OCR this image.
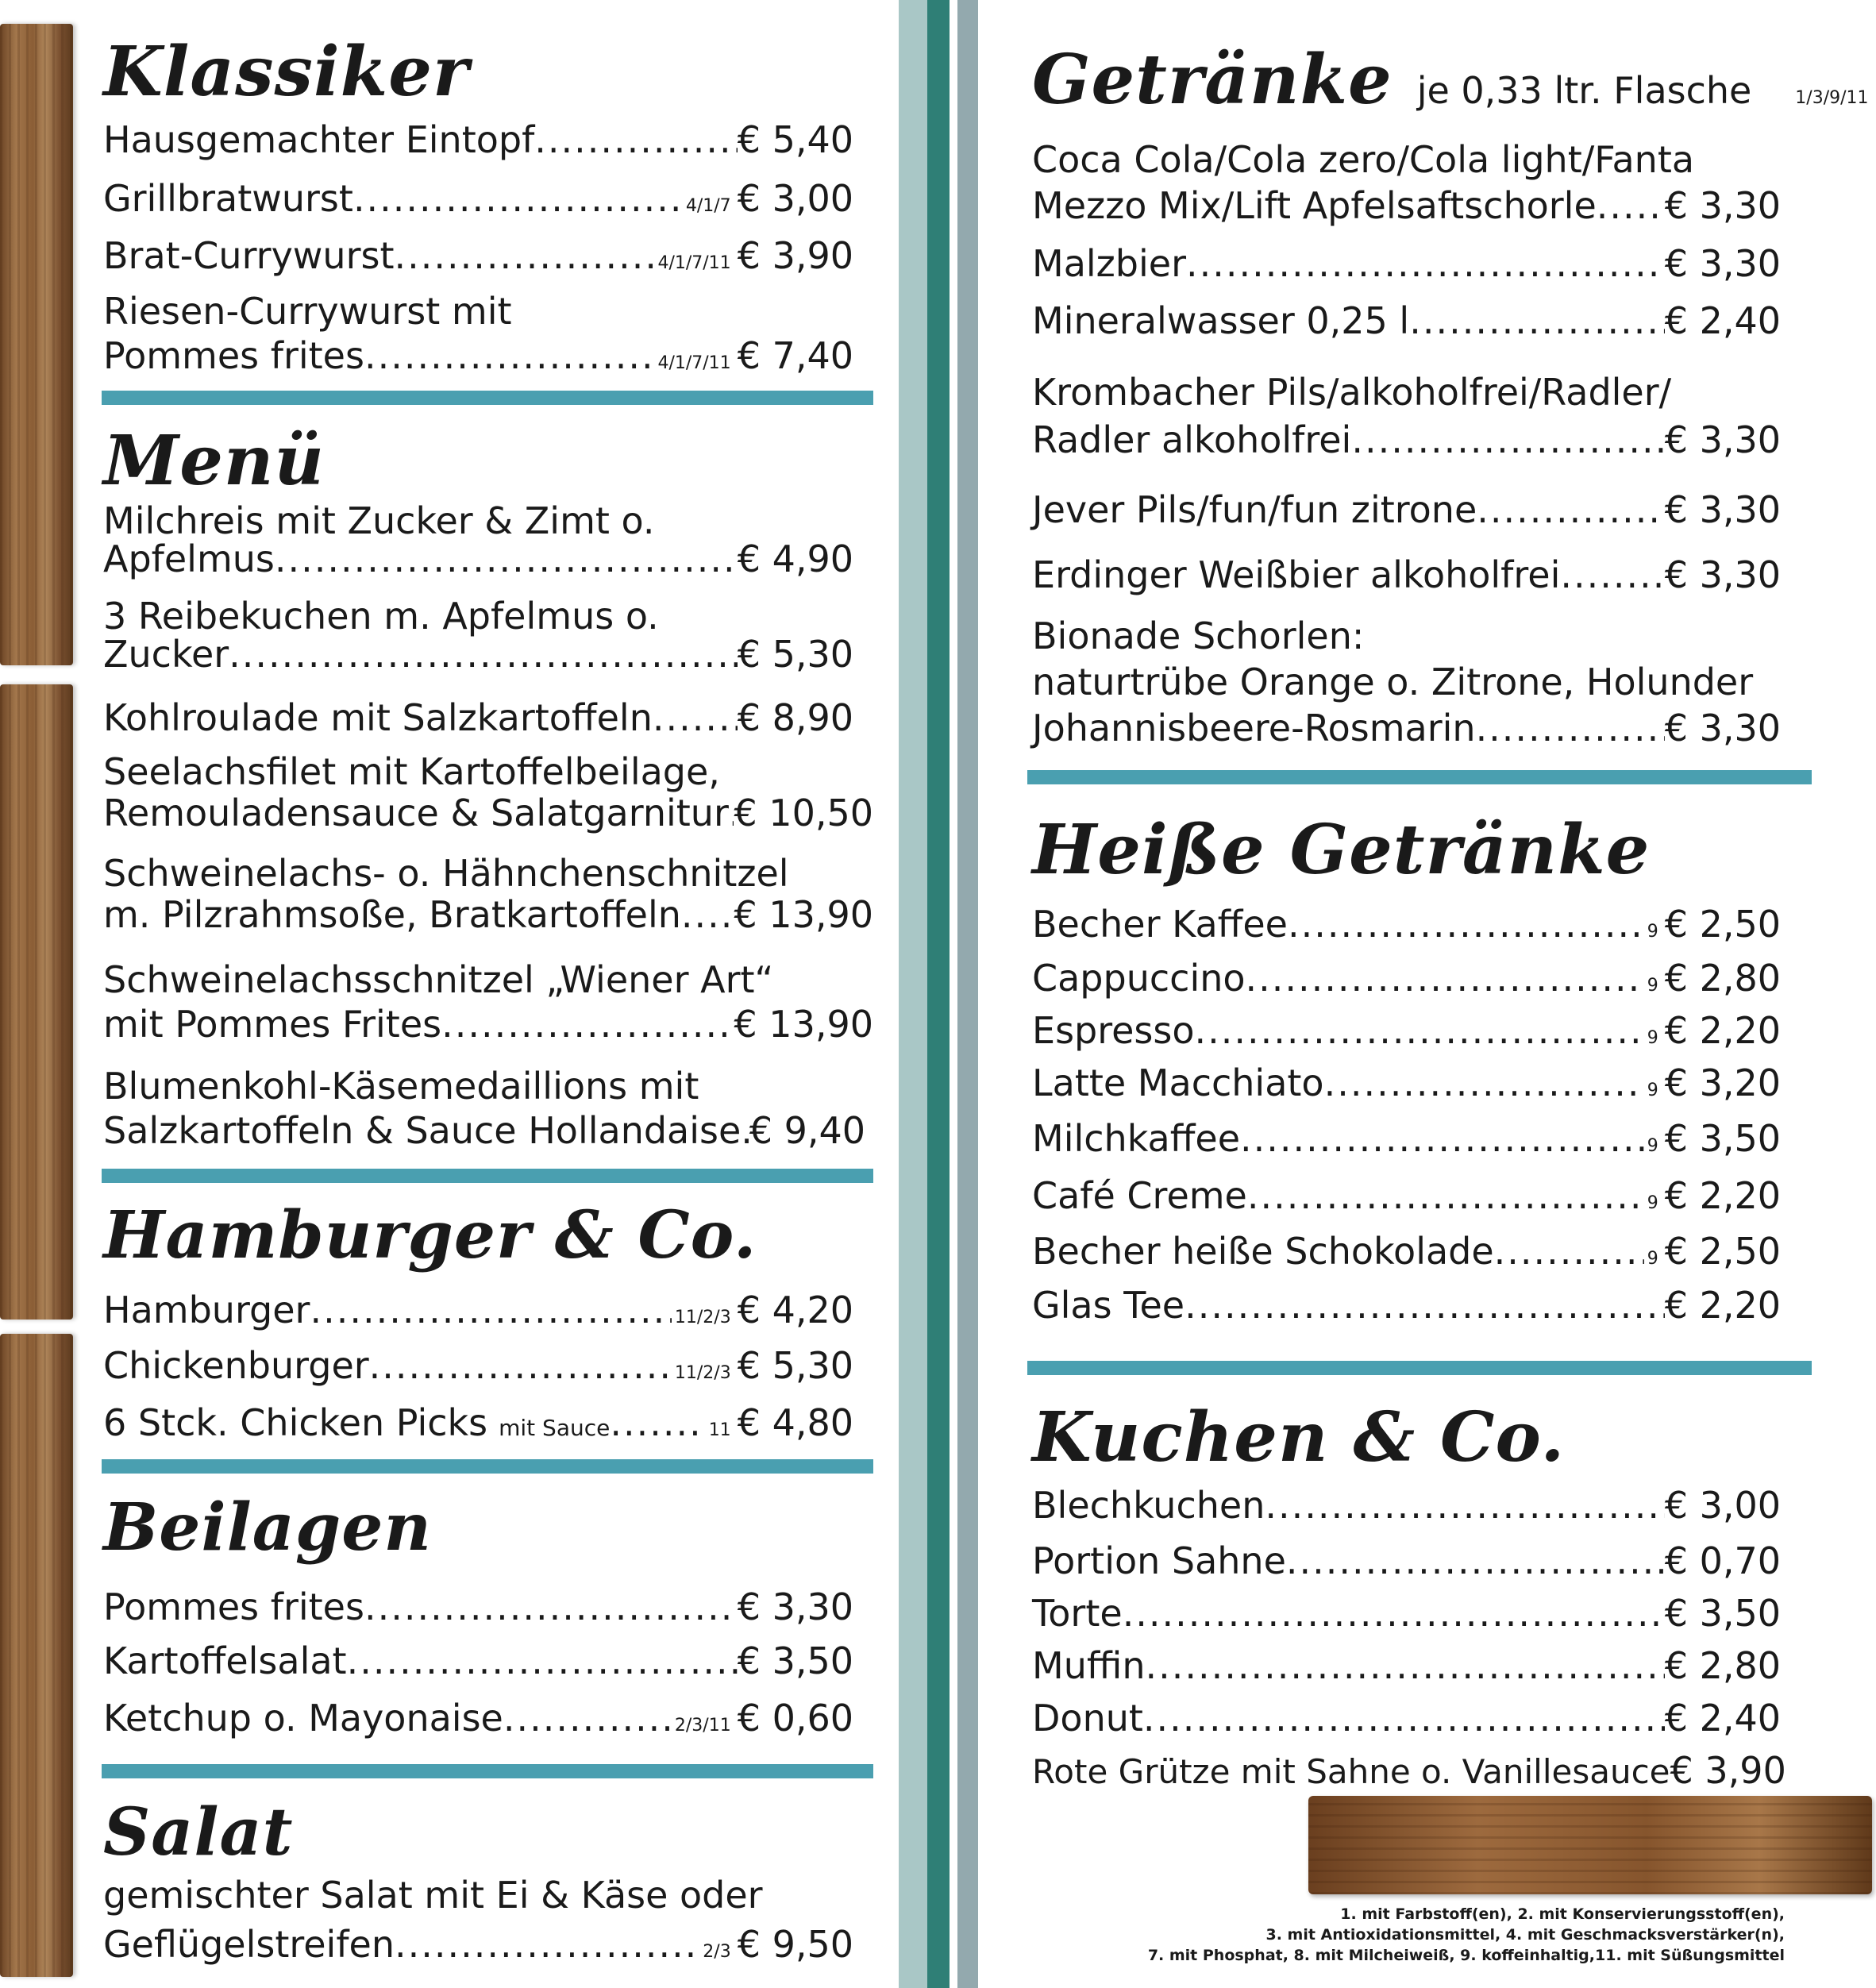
Klassiker
Hausgemachter Eintopf .....	€ 5,40
Grillbratwurst .....	4/1/7 € 3,00
Brat-Currywurst .....	4/1/7/11 € 3,90
Riesen-Currywurst mit
Pommes frites .....	4/1/7/11 € 7,40
Menü
Milchreis mit Zucker & Zimt o.
Apfelmus .....	€ 4,90
3 Reibekuchen m. Apfelmus o.
Zucker .....	€ 5,30
Kohlroulade mit Salzkartoffeln ..... € 8,90
Seelachsfilet mit Kartoffelbeilage,
Remouladensauce & Salatgarnitur ..... € 10,50
Schweinelachs- o. Hähnchenschnitzel
m. Pilzrahmsoße, Bratkartoffeln ..... € 13,90
Schweinelachsschnitzel „Wiener Art“
mit Pommes Frites .....	€ 13,90
Blumenkohl-Käsemedaillions mit
Salzkartoffeln & Sauce Hollandaise ..... € 9,40
Hamburger & Co.
Hamburger .....	11/2/3 € 4,20
Chickenburger .....	11/2/3 € 5,30
6 Stck. Chicken Picks mit Sauce .....	11 € 4,80
Beilagen
Pommes frites .....	€ 3,30
Kartoffelsalat .....	€ 3,50
Ketchup o. Mayonaise .....	2/3/11 € 0,60
Salat
gemischter Salat mit Ei & Käse oder
Geflügelstreifen .....	2/3 € 9,50
Getränke je 0,33 ltr. Flasche 1/3/9/11
Coca Cola/Cola zero/Cola light/Fanta
Mezzo Mix/Lift Apfelsaftschorle ..... € 3,30
Malzbier .....	€ 3,30
Mineralwasser 0,25 l .....	€ 2,40
Krombacher Pils/alkoholfrei/Radler/
Radler alkoholfrei .....	€ 3,30
Jever Pils/fun/fun zitrone .....	€ 3,30
Erdinger Weißbier alkoholfrei .....	€ 3,30
Bionade Schorlen:
naturtrübe Orange o. Zitrone, Holunder
Johannisbeere-Rosmarin .....	€ 3,30
Heiße Getränke
Becher Kaffee .....	9 € 2,50
Cappuccino .....	9 € 2,80
Espresso .....	9 € 2,20
Latte Macchiato .....	9 € 3,20
Milchkaffee .....	9 € 3,50
Café Creme .....	9 € 2,20
Becher heiße Schokolade .....	9 € 2,50
Glas Tee .....	€ 2,20
Kuchen & Co.
Blechkuchen .....	€ 3,00
Portion Sahne .....	€ 0,70
Torte .....	€ 3,50
Muffin .....	€ 2,80
Donut .....	€ 2,40
Rote Grütze mit Sahne o. Vanillesauce € 3,90
1. mit Farbstoff(en), 2. mit Konservierungsstoff(en),
3. mit Antioxidationsmittel, 4. mit Geschmacksverstärker(n),
7. mit Phosphat, 8. mit Milcheiweiß, 9. koffeinhaltig,11. mit Süßungsmittel
